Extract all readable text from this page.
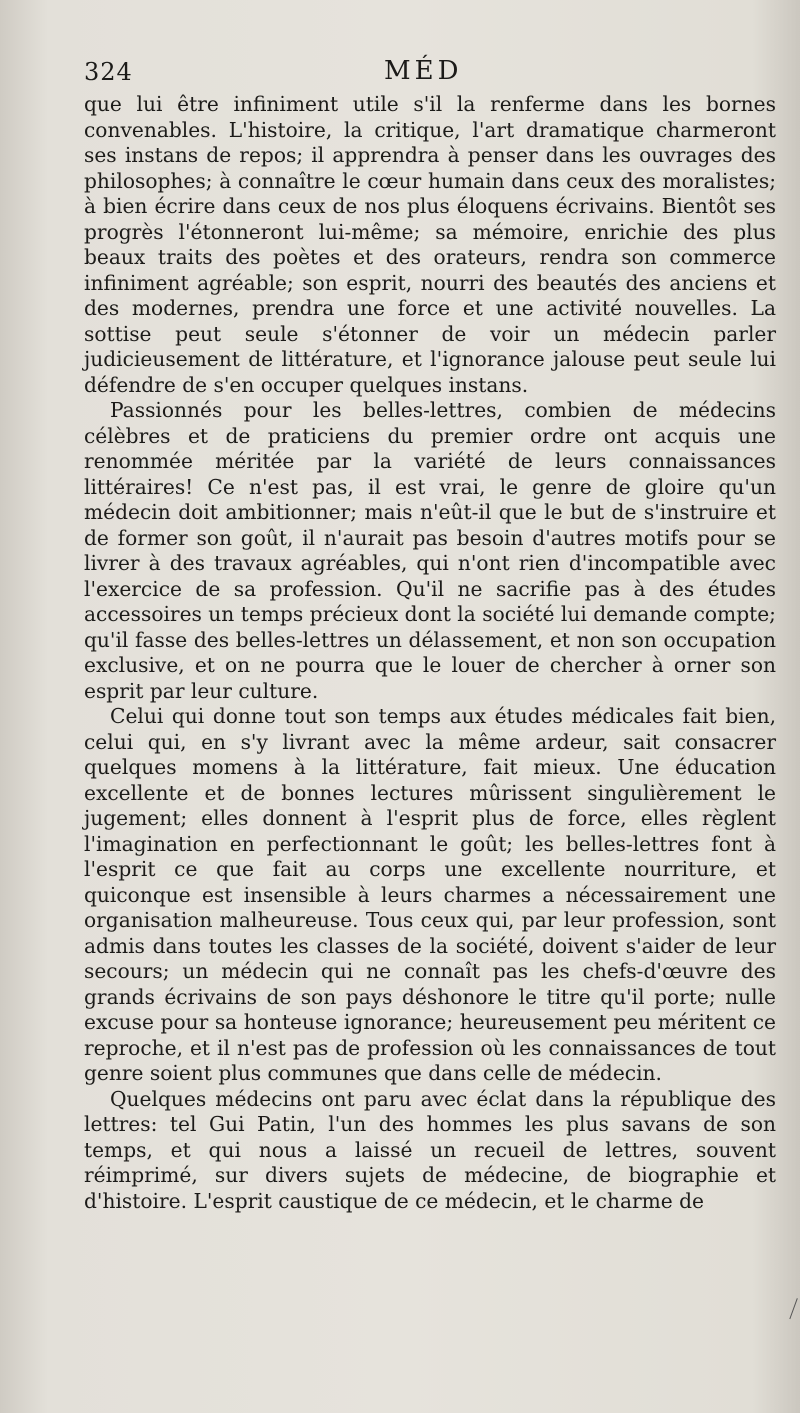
324	MÉD

que lui être infiniment utile s'il la renferme dans les bornes convenables. L'histoire, la critique, l'art dramatique charmeront ses instans de repos; il apprendra à penser dans les ouvrages des philosophes; à connaître le cœur humain dans ceux des moralistes; à bien écrire dans ceux de nos plus éloquens écrivains. Bientôt ses progrès l'étonneront lui-même; sa mémoire, enrichie des plus beaux traits des poètes et des orateurs, rendra son commerce infiniment agréable; son esprit, nourri des beautés des anciens et des modernes, prendra une force et une activité nouvelles. La sottise peut seule s'étonner de voir un médecin parler judicieusement de littérature, et l'ignorance jalouse peut seule lui défendre de s'en occuper quelques instans.

Passionnés pour les belles-lettres, combien de médecins célèbres et de praticiens du premier ordre ont acquis une renommée méritée par la variété de leurs connaissances littéraires! Ce n'est pas, il est vrai, le genre de gloire qu'un médecin doit ambitionner; mais n'eût-il que le but de s'instruire et de former son goût, il n'aurait pas besoin d'autres motifs pour se livrer à des travaux agréables, qui n'ont rien d'incompatible avec l'exercice de sa profession. Qu'il ne sacrifie pas à des études accessoires un temps précieux dont la société lui demande compte; qu'il fasse des belles-lettres un délassement, et non son occupation exclusive, et on ne pourra que le louer de chercher à orner son esprit par leur culture.

Celui qui donne tout son temps aux études médicales fait bien, celui qui, en s'y livrant avec la même ardeur, sait consacrer quelques momens à la littérature, fait mieux. Une éducation excellente et de bonnes lectures mûrissent singulièrement le jugement; elles donnent à l'esprit plus de force, elles règlent l'imagination en perfectionnant le goût; les belles-lettres font à l'esprit ce que fait au corps une excellente nourriture, et quiconque est insensible à leurs charmes a nécessairement une organisation malheureuse. Tous ceux qui, par leur profession, sont admis dans toutes les classes de la société, doivent s'aider de leur secours; un médecin qui ne connaît pas les chefs-d'œuvre des grands écrivains de son pays déshonore le titre qu'il porte; nulle excuse pour sa honteuse ignorance; heureusement peu méritent ce reproche, et il n'est pas de profession où les connaissances de tout genre soient plus communes que dans celle de médecin.

Quelques médecins ont paru avec éclat dans la république des lettres: tel Gui Patin, l'un des hommes les plus savans de son temps, et qui nous a laissé un recueil de lettres, souvent réimprimé, sur divers sujets de médecine, de biographie et d'histoire. L'esprit caustique de ce médecin, et le charme de
